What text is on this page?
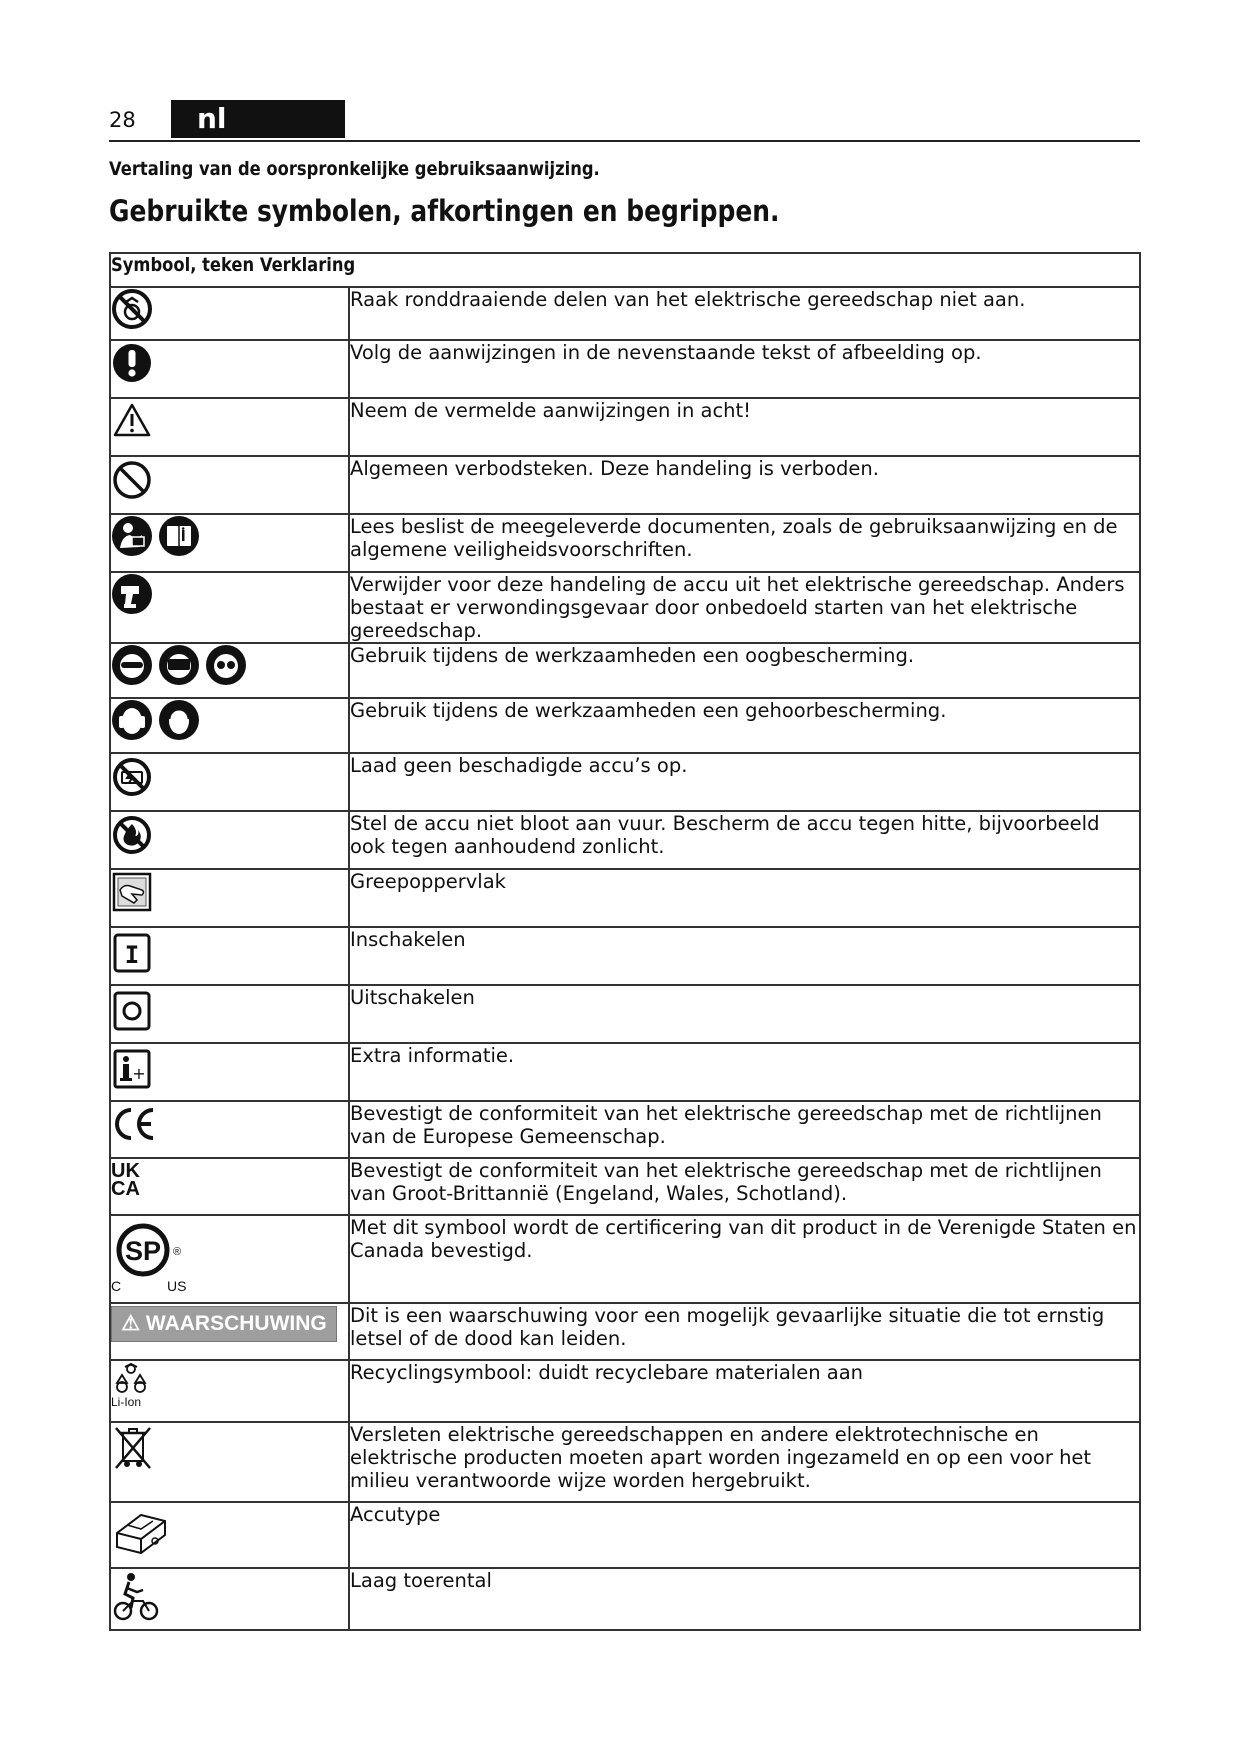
28	nl
Vertaling van de oorspronkelijke gebruiksaanwijzing.
Gebruikte symbolen, afkortingen en begrippen.
Symbool, teken Verklaring	

	Raak ronddraaiende delen van het elektrische gereedschap niet aan.

	Volg de aanwijzingen in de nevenstaande tekst of afbeelding op.

	Neem de vermelde aanwijzingen in acht!

	Algemeen verbodsteken. Deze handeling is verboden.

	Lees beslist de meegeleverde documenten, zoals de gebruiksaanwijzing en de algemene veiligheidsvoorschriften.

	Verwijder voor deze handeling de accu uit het elektrische gereedschap. Anders bestaat er verwondingsgevaar door onbedoeld starten van het elektrische gereedschap.

	Gebruik tijdens de werkzaamheden een oogbescherming.

	Gebruik tijdens de werkzaamheden een gehoorbescherming.

	Laad geen beschadigde accu’s op.

	Stel de accu niet bloot aan vuur. Bescherm de accu tegen hitte, bijvoorbeeld ook tegen aanhoudend zonlicht.

	Greepoppervlak

I	Inschakelen

	Uitschakelen

+	Extra informatie.

	Bevestigt de conformiteit van het elektrische gereedschap met de richtlijnen van de Europese Gemeenschap.

UK
CA	Bevestigt de conformiteit van het elektrische gereedschap met de richtlijnen van Groot-Brittannië (Engeland, Wales, Schotland).

SP
C US
®	Met dit symbool wordt de certificering van dit product in de Verenigde Staten en Canada bevestigd.

⚠ WAARSCHUWING	Dit is een waarschuwing voor een mogelijk gevaarlijke situatie die tot ernstig letsel of de dood kan leiden.

Li-Ion	Recyclingsymbool: duidt recyclebare materialen aan

	Versleten elektrische gereedschappen en andere elektrotechnische en elektrische producten moeten apart worden ingezameld en op een voor het milieu verantwoorde wijze worden hergebruikt.

	Accutype

	Laag toerental
